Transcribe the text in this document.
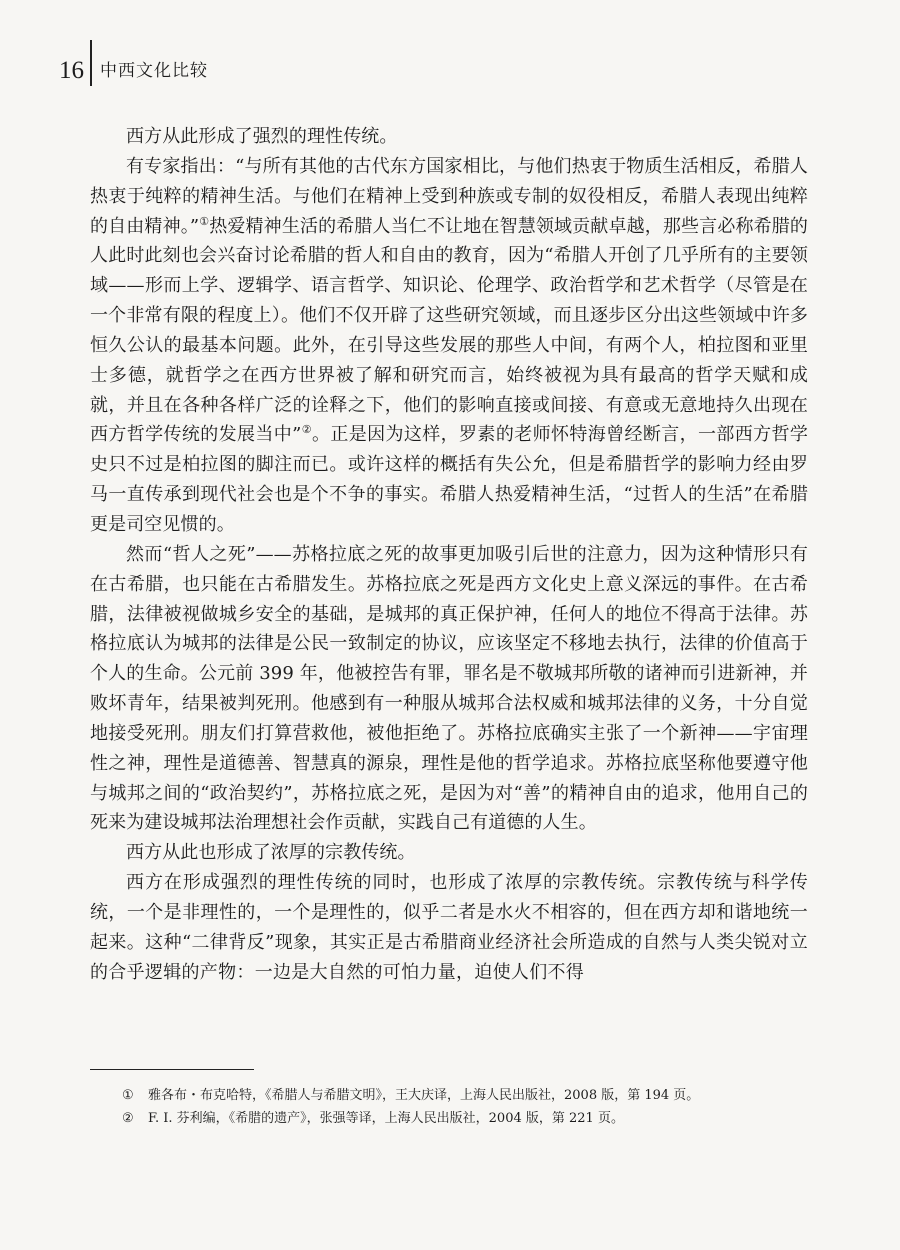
16 中西文化比较

西方从此形成了强烈的理性传统。

有专家指出：“与所有其他的古代东方国家相比，与他们热衷于物质生活相反，希腊人热衷于纯粹的精神生活。与他们在精神上受到种族或专制的奴役相反，希腊人表现出纯粹的自由精神。”①热爱精神生活的希腊人当仁不让地在智慧领域贡献卓越，那些言必称希腊的人此时此刻也会兴奋讨论希腊的哲人和自由的教育，因为“希腊人开创了几乎所有的主要领域——形而上学、逻辑学、语言哲学、知识论、伦理学、政治哲学和艺术哲学（尽管是在一个非常有限的程度上）。他们不仅开辟了这些研究领域，而且逐步区分出这些领域中许多恒久公认的最基本问题。此外，在引导这些发展的那些人中间，有两个人，柏拉图和亚里士多德，就哲学之在西方世界被了解和研究而言，始终被视为具有最高的哲学天赋和成就，并且在各种各样广泛的诠释之下，他们的影响直接或间接、有意或无意地持久出现在西方哲学传统的发展当中”②。正是因为这样，罗素的老师怀特海曾经断言，一部西方哲学史只不过是柏拉图的脚注而已。或许这样的概括有失公允，但是希腊哲学的影响力经由罗马一直传承到现代社会也是个不争的事实。希腊人热爱精神生活，“过哲人的生活”在希腊更是司空见惯的。

然而“哲人之死”——苏格拉底之死的故事更加吸引后世的注意力，因为这种情形只有在古希腊，也只能在古希腊发生。苏格拉底之死是西方文化史上意义深远的事件。在古希腊，法律被视做城乡安全的基础，是城邦的真正保护神，任何人的地位不得高于法律。苏格拉底认为城邦的法律是公民一致制定的协议，应该坚定不移地去执行，法律的价值高于个人的生命。公元前 399 年，他被控告有罪，罪名是不敬城邦所敬的诸神而引进新神，并败坏青年，结果被判死刑。他感到有一种服从城邦合法权威和城邦法律的义务，十分自觉地接受死刑。朋友们打算营救他，被他拒绝了。苏格拉底确实主张了一个新神——宇宙理性之神，理性是道德善、智慧真的源泉，理性是他的哲学追求。苏格拉底坚称他要遵守他与城邦之间的“政治契约”，苏格拉底之死，是因为对“善”的精神自由的追求，他用自己的死来为建设城邦法治理想社会作贡献，实践自己有道德的人生。

西方从此也形成了浓厚的宗教传统。

西方在形成强烈的理性传统的同时，也形成了浓厚的宗教传统。宗教传统与科学传统，一个是非理性的，一个是理性的，似乎二者是水火不相容的，但在西方却和谐地统一起来。这种“二律背反”现象，其实正是古希腊商业经济社会所造成的自然与人类尖锐对立的合乎逻辑的产物：一边是大自然的可怕力量，迫使人们不得

① 雅各布・布克哈特，《希腊人与希腊文明》，王大庆译，上海人民出版社，2008 版，第 194 页。
② F. I. 芬利编，《希腊的遗产》，张强等译，上海人民出版社，2004 版，第 221 页。
